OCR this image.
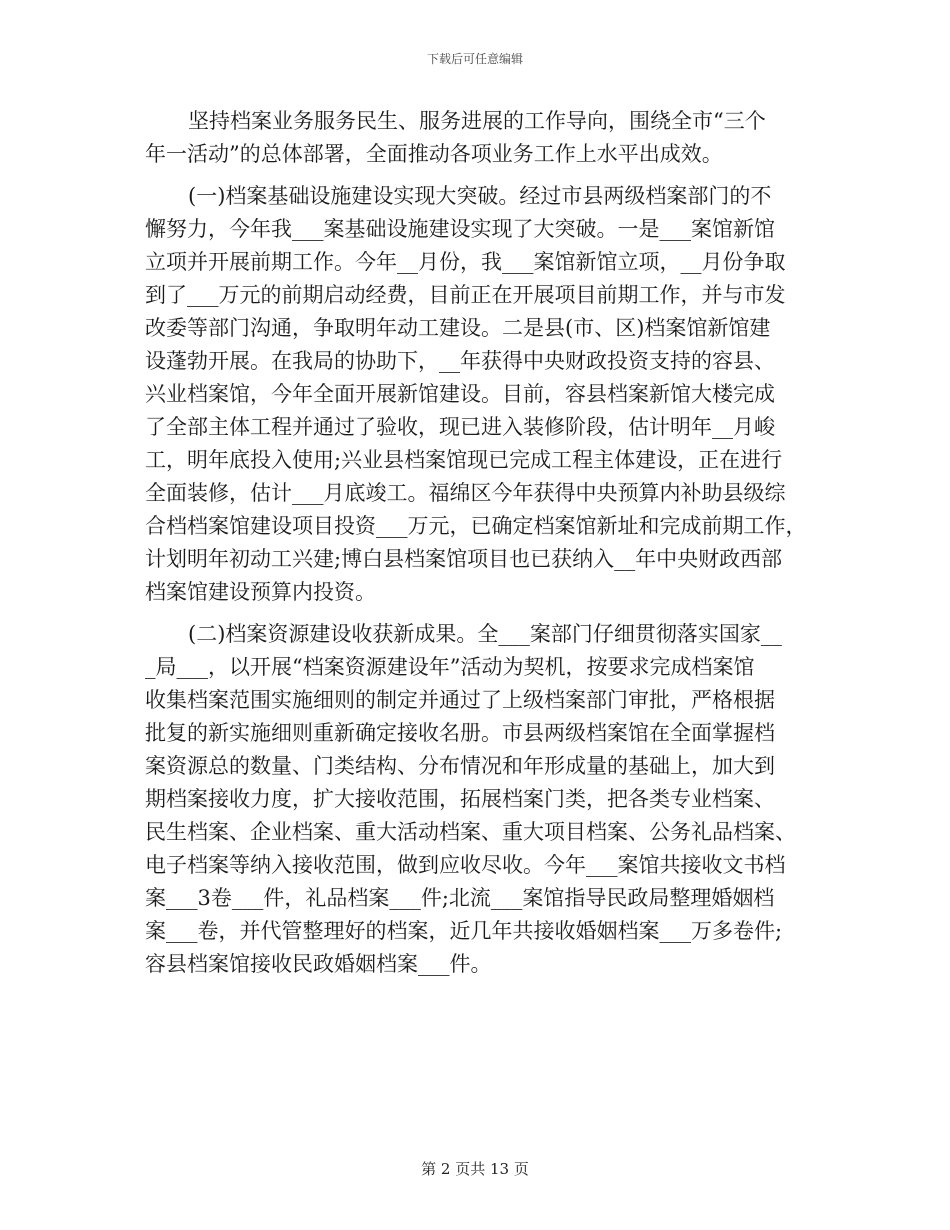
下载后可任意编辑
坚持档案业务服务民生、服务进展的工作导向，围绕全市“三个
年一活动”的总体部署，全面推动各项业务工作上水平出成效。
(一)档案基础设施建设实现大突破。经过市县两级档案部门的不
懈努力，今年我___案基础设施建设实现了大突破。一是___案馆新馆
立项并开展前期工作。今年__月份，我___案馆新馆立项，__月份争取
到了___万元的前期启动经费，目前正在开展项目前期工作，并与市发
改委等部门沟通，争取明年动工建设。二是县(市、区)档案馆新馆建
设蓬勃开展。在我局的协助下，__年获得中央财政投资支持的容县、
兴业档案馆，今年全面开展新馆建设。目前，容县档案新馆大楼完成
了全部主体工程并通过了验收，现已进入装修阶段，估计明年__月峻
工，明年底投入使用;兴业县档案馆现已完成工程主体建设，正在进行
全面装修，估计___月底竣工。福绵区今年获得中央预算内补助县级综
合档档案馆建设项目投资___万元，已确定档案馆新址和完成前期工作，
计划明年初动工兴建;博白县档案馆项目也已获纳入__年中央财政西部
档案馆建设预算内投资。
(二)档案资源建设收获新成果。全___案部门仔细贯彻落实国家__
_局___，以开展“档案资源建设年”活动为契机，按要求完成档案馆
收集档案范围实施细则的制定并通过了上级档案部门审批，严格根据
批复的新实施细则重新确定接收名册。市县两级档案馆在全面掌握档
案资源总的数量、门类结构、分布情况和年形成量的基础上，加大到
期档案接收力度，扩大接收范围，拓展档案门类，把各类专业档案、
民生档案、企业档案、重大活动档案、重大项目档案、公务礼品档案、
电子档案等纳入接收范围，做到应收尽收。今年___案馆共接收文书档
案___3卷___件，礼品档案___件;北流___案馆指导民政局整理婚姻档
案___卷，并代管整理好的档案，近几年共接收婚姻档案___万多卷件;
容县档案馆接收民政婚姻档案___件。
第 2 页共 13 页
